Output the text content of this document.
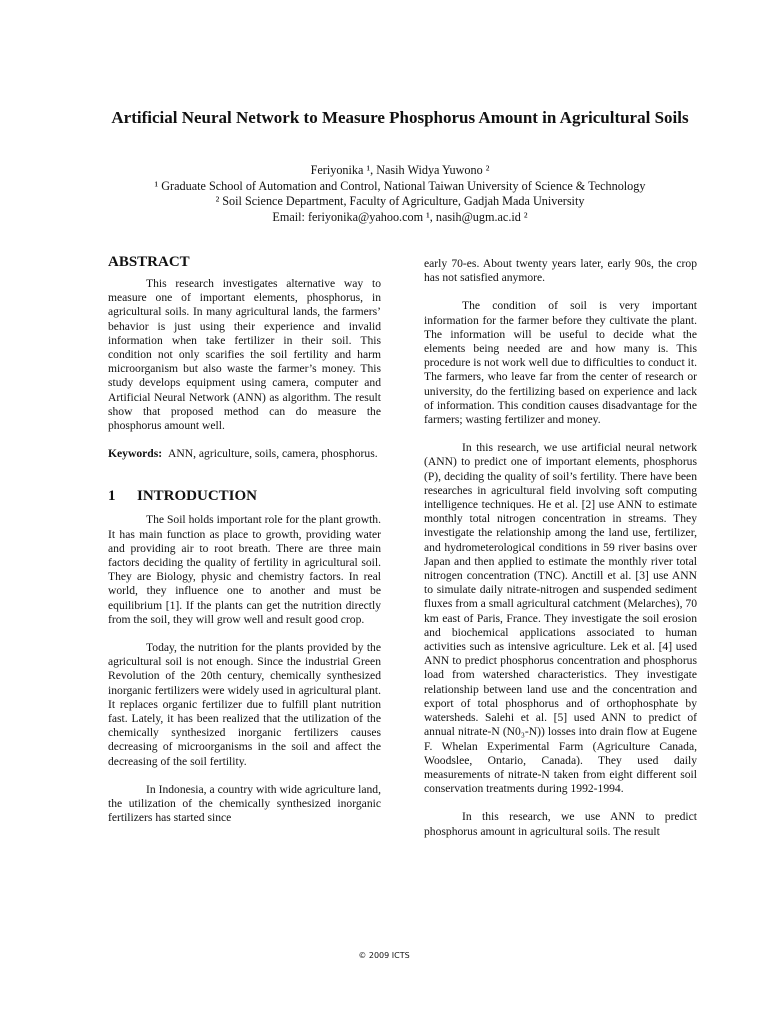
Artificial Neural Network to Measure Phosphorus Amount in Agricultural Soils
Feriyonika ¹, Nasih Widya Yuwono ²
¹ Graduate School of Automation and Control, National Taiwan University of Science & Technology
² Soil Science Department, Faculty of Agriculture, Gadjah Mada University
Email: feriyonika@yahoo.com ¹, nasih@ugm.ac.id ²
ABSTRACT

This research investigates alternative way to measure one of important elements, phosphorus, in agricultural soils. In many agricultural lands, the farmers’ behavior is just using their experience and invalid information when take fertilizer in their soil. This condition not only scarifies the soil fertility and harm microorganism but also waste the farmer’s money. This study develops equipment using camera, computer and Artificial Neural Network (ANN) as algorithm. The result show that proposed method can do measure the phosphorus amount well.

Keywords: ANN, agriculture, soils, camera, phosphorus.
1 INTRODUCTION

The Soil holds important role for the plant growth. It has main function as place to growth, providing water and providing air to root breath. There are three main factors deciding the quality of fertility in agricultural soil. They are Biology, physic and chemistry factors. In real world, they influence one to another and must be equilibrium [1]. If the plants can get the nutrition directly from the soil, they will grow well and result good crop.

Today, the nutrition for the plants provided by the agricultural soil is not enough. Since the industrial Green Revolution of the 20th century, chemically synthesized inorganic fertilizers were widely used in agricultural plant. It replaces organic fertilizer due to fulfill plant nutrition fast. Lately, it has been realized that the utilization of the chemically synthesized inorganic fertilizers causes decreasing of microorganisms in the soil and affect the decreasing of the soil fertility.

In Indonesia, a country with wide agriculture land, the utilization of the chemically synthesized inorganic fertilizers has started since

early 70-es. About twenty years later, early 90s, the crop has not satisfied anymore.

The condition of soil is very important information for the farmer before they cultivate the plant. The information will be useful to decide what the elements being needed are and how many is. This procedure is not work well due to difficulties to conduct it. The farmers, who leave far from the center of research or university, do the fertilizing based on experience and lack of information. This condition causes disadvantage for the farmers; wasting fertilizer and money.

In this research, we use artificial neural network (ANN) to predict one of important elements, phosphorus (P), deciding the quality of soil’s fertility. There have been researches in agricultural field involving soft computing intelligence techniques. He et al. [2] use ANN to estimate monthly total nitrogen concentration in streams. They investigate the relationship among the land use, fertilizer, and hydrometerological conditions in 59 river basins over Japan and then applied to estimate the monthly river total nitrogen concentration (TNC). Anctill et al. [3] use ANN to simulate daily nitrate-nitrogen and suspended sediment fluxes from a small agricultural catchment (Melarches), 70 km east of Paris, France. They investigate the soil erosion and biochemical applications associated to human activities such as intensive agriculture. Lek et al. [4] used ANN to predict phosphorus concentration and phosphorus load from watershed characteristics. They investigate relationship between land use and the concentration and export of total phosphorus and of orthophosphate by watersheds. Salehi et al. [5] used ANN to predict of annual nitrate-N (N0₃-N)) losses into drain flow at Eugene F. Whelan Experimental Farm (Agriculture Canada, Woodslee, Ontario, Canada). They used daily measurements of nitrate-N taken from eight different soil conservation treatments during 1992-1994.

In this research, we use ANN to predict phosphorus amount in agricultural soils. The result

© 2009 ICTS
